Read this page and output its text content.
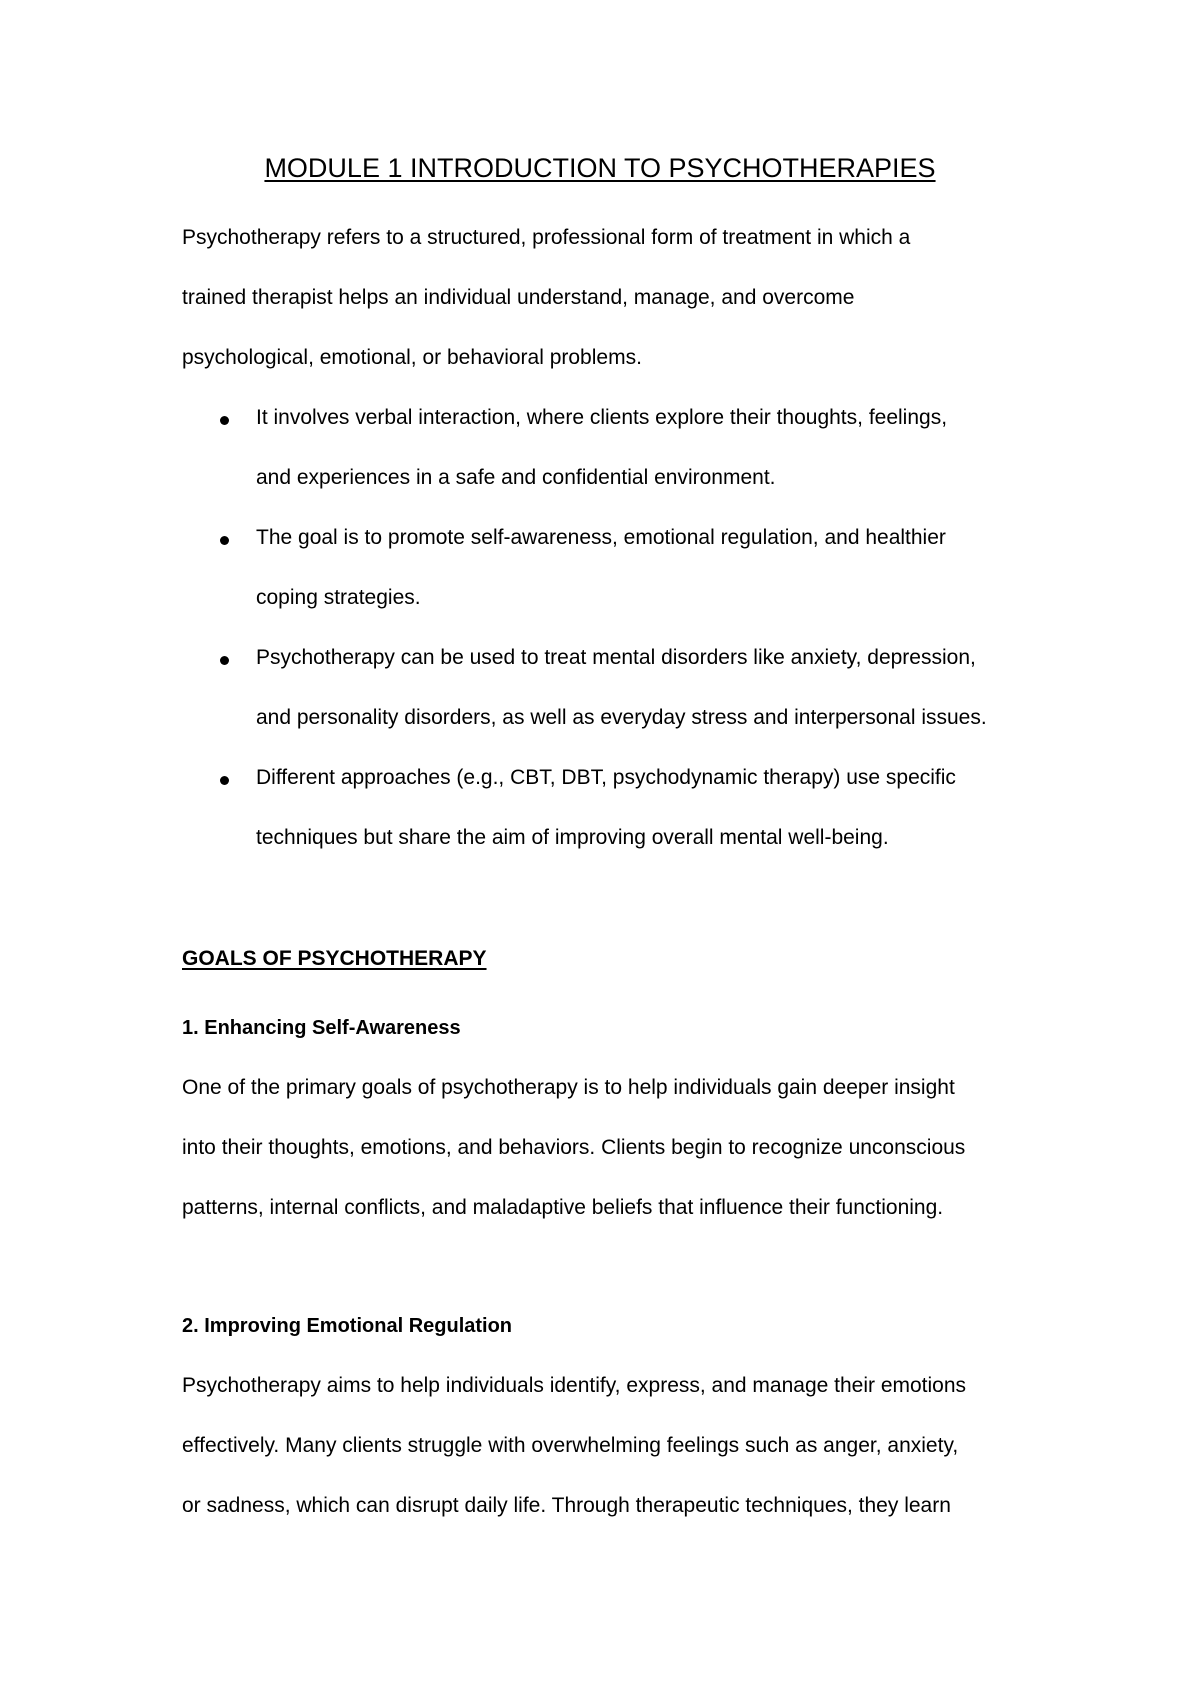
MODULE 1 INTRODUCTION TO PSYCHOTHERAPIES
Psychotherapy refers to a structured, professional form of treatment in which a
trained therapist helps an individual understand, manage, and overcome
psychological, emotional, or behavioral problems.
It involves verbal interaction, where clients explore their thoughts, feelings,
and experiences in a safe and confidential environment.
The goal is to promote self-awareness, emotional regulation, and healthier
coping strategies.
Psychotherapy can be used to treat mental disorders like anxiety, depression,
and personality disorders, as well as everyday stress and interpersonal issues.
Different approaches (e.g., CBT, DBT, psychodynamic therapy) use specific
techniques but share the aim of improving overall mental well-being.
GOALS OF PSYCHOTHERAPY
1. Enhancing Self-Awareness
One of the primary goals of psychotherapy is to help individuals gain deeper insight
into their thoughts, emotions, and behaviors. Clients begin to recognize unconscious
patterns, internal conflicts, and maladaptive beliefs that influence their functioning.
2. Improving Emotional Regulation
Psychotherapy aims to help individuals identify, express, and manage their emotions
effectively. Many clients struggle with overwhelming feelings such as anger, anxiety,
or sadness, which can disrupt daily life. Through therapeutic techniques, they learn
